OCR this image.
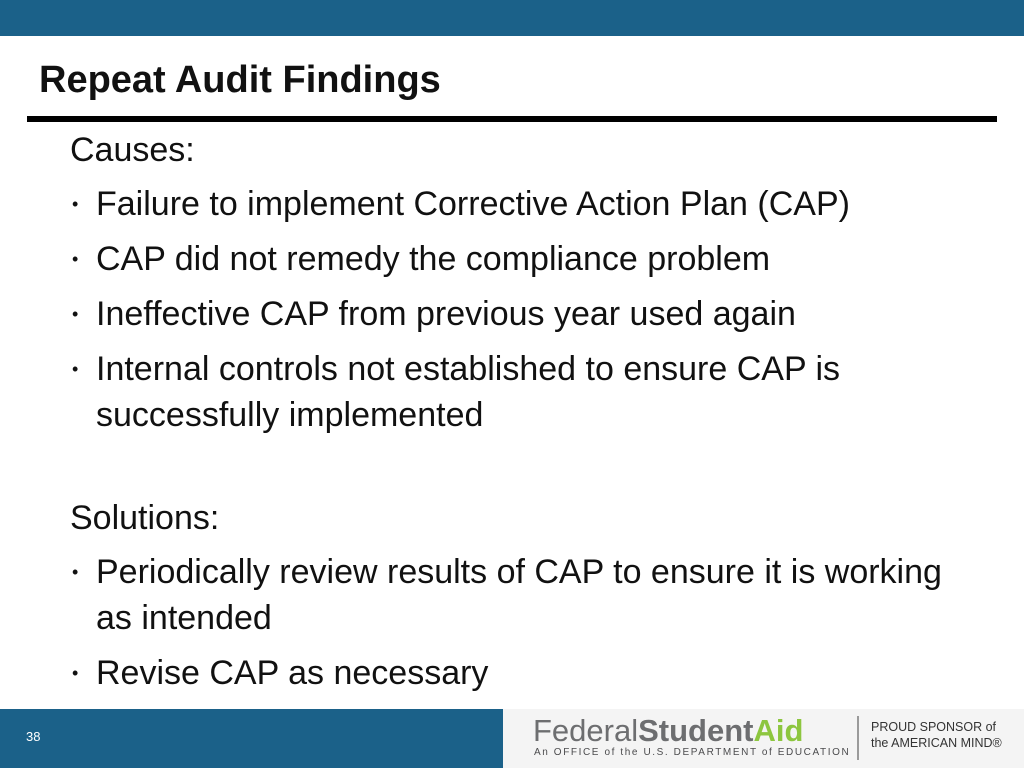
Repeat Audit Findings

Causes:

• Failure to implement Corrective Action Plan (CAP)
• CAP did not remedy the compliance problem
• Ineffective CAP from previous year used again
• Internal controls not established to ensure CAP is successfully implemented

Solutions:

• Periodically review results of CAP to ensure it is working as intended
• Revise CAP as necessary
38	FederalStudentAid
An OFFICE of the U.S. DEPARTMENT of EDUCATION
PROUD SPONSOR of
the AMERICAN MIND®
